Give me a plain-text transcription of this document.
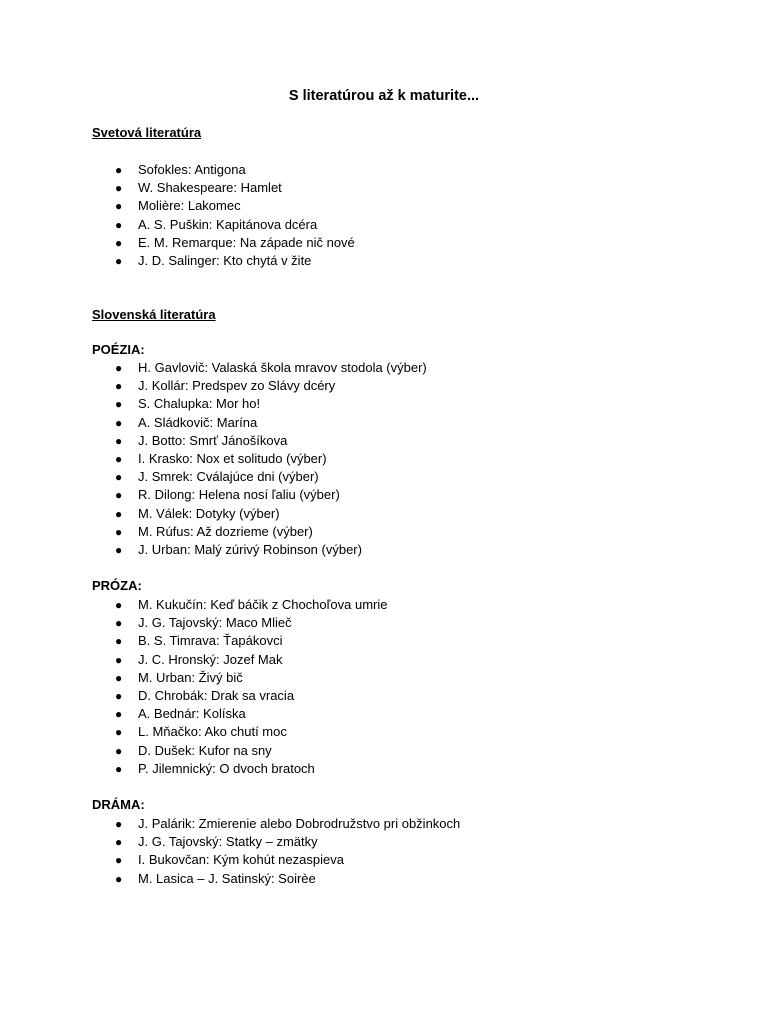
S literatúrou až k maturite...
Svetová literatúra
● Sofokles: Antigona
● W. Shakespeare: Hamlet
● Molière: Lakomec
● A. S. Puškin: Kapitánova dcéra
● E. M. Remarque: Na západe nič nové
● J. D. Salinger: Kto chytá v žite
Slovenská literatúra
POÉZIA:
● H. Gavlovič: Valaská škola mravov stodola (výber)
● J. Kollár: Predspev zo Slávy dcéry
● S. Chalupka: Mor ho!
● A. Sládkovič: Marína
● J. Botto: Smrť Jánošíkova
● I. Krasko: Nox et solitudo (výber)
● J. Smrek: Cválajúce dni (výber)
● R. Dilong: Helena nosí ľaliu (výber)
● M. Válek: Dotyky (výber)
● M. Rúfus: Až dozrieme (výber)
● J. Urban: Malý zúrivý Robinson (výber)
PRÓZA:
● M. Kukučín: Keď báčik z Chochoľova umrie
● J. G. Tajovský: Maco Mlieč
● B. S. Timrava: Ťapákovci
● J. C. Hronský: Jozef Mak
● M. Urban: Živý bič
● D. Chrobák: Drak sa vracia
● A. Bednár: Kolíska
● L. Mňačko: Ako chutí moc
● D. Dušek: Kufor na sny
● P. Jilemnický: O dvoch bratoch
DRÁMA:
● J. Palárik: Zmierenie alebo Dobrodružstvo pri obžinkoch
● J. G. Tajovský: Statky – zmätky
● I. Bukovčan: Kým kohút nezaspieva
● M. Lasica – J. Satinský: Soirèe
